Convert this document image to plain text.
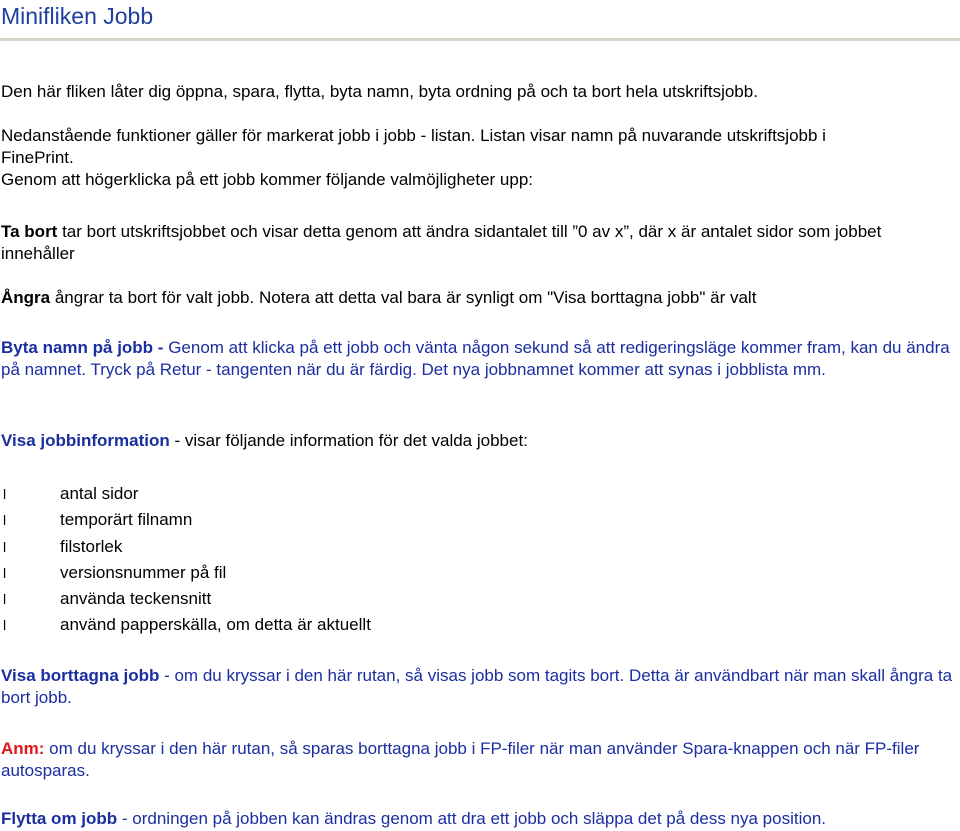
Minifliken Jobb

Den här fliken låter dig öppna, spara, flytta, byta namn, byta ordning på och ta bort hela utskriftsjobb.

Nedanstående funktioner gäller för markerat jobb i jobb - listan. Listan visar namn på nuvarande utskriftsjobb i
FinePrint.
Genom att högerklicka på ett jobb kommer följande valmöjligheter upp:

Ta bort tar bort utskriftsjobbet och visar detta genom att ändra sidantalet till ”0 av x”, där x är antalet sidor som jobbet innehåller

Ångra ångrar ta bort för valt jobb. Notera att detta val bara är synligt om "Visa borttagna jobb" är valt

Byta namn på jobb - Genom att klicka på ett jobb och vänta någon sekund så att redigeringsläge kommer fram, kan du ändra på namnet. Tryck på Retur - tangenten när du är färdig. Det nya jobbnamnet kommer att synas i jobblista mm.

Visa jobbinformation - visar följande information för det valda jobbet:

l	antal sidor
l	temporärt filnamn
l	filstorlek
l	versionsnummer på fil
l	använda teckensnitt
l	använd papperskälla, om detta är aktuellt

Visa borttagna jobb - om du kryssar i den här rutan, så visas jobb som tagits bort. Detta är användbart när man skall ångra ta bort jobb.

Anm: om du kryssar i den här rutan, så sparas borttagna jobb i FP-filer när man använder Spara-knappen och när FP-filer autosparas.

Flytta om jobb - ordningen på jobben kan ändras genom att dra ett jobb och släppa det på dess nya position.
